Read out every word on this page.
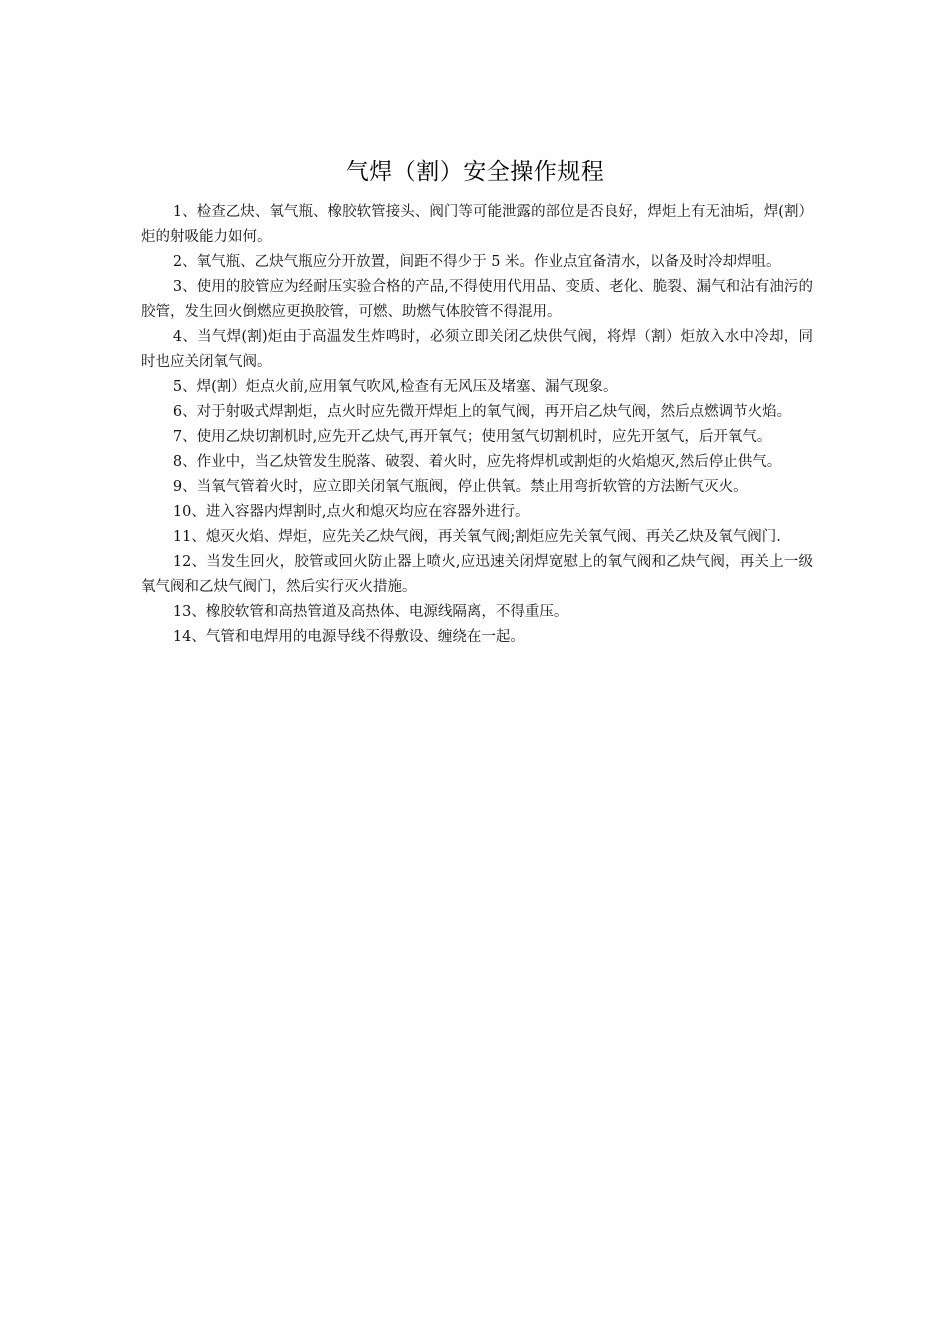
气焊（割）安全操作规程

1、检查乙炔、氧气瓶、橡胶软管接头、阀门等可能泄露的部位是否良好，焊炬上有无油垢，焊(割）炬的射吸能力如何。

2、氧气瓶、乙炔气瓶应分开放置，间距不得少于 5 米。作业点宜备清水，以备及时冷却焊咀。

3、使用的胶管应为经耐压实验合格的产品,不得使用代用品、变质、老化、脆裂、漏气和沾有油污的胶管，发生回火倒燃应更换胶管，可燃、助燃气体胶管不得混用。

4、当气焊(割)炬由于高温发生炸鸣时，必须立即关闭乙炔供气阀，将焊（割）炬放入水中冷却，同时也应关闭氧气阀。

5、焊(割）炬点火前,应用氧气吹风,检查有无风压及堵塞、漏气现象。

6、对于射吸式焊割炬，点火时应先微开焊炬上的氧气阀，再开启乙炔气阀，然后点燃调节火焰。

7、使用乙炔切割机时,应先开乙炔气,再开氧气；使用氢气切割机时，应先开氢气，后开氧气。

8、作业中，当乙炔管发生脱落、破裂、着火时，应先将焊机或割炬的火焰熄灭,然后停止供气。

9、当氧气管着火时，应立即关闭氧气瓶阀，停止供氧。禁止用弯折软管的方法断气灭火。

10、进入容器内焊割时,点火和熄灭均应在容器外进行。

11、熄灭火焰、焊炬，应先关乙炔气阀，再关氧气阀;割炬应先关氧气阀、再关乙炔及氧气阀门.

12、当发生回火，胶管或回火防止器上喷火,应迅速关闭焊宽慰上的氧气阀和乙炔气阀，再关上一级氧气阀和乙炔气阀门，然后实行灭火措施。

13、橡胶软管和高热管道及高热体、电源线隔离，不得重压。

14、气管和电焊用的电源导线不得敷设、缠绕在一起。
